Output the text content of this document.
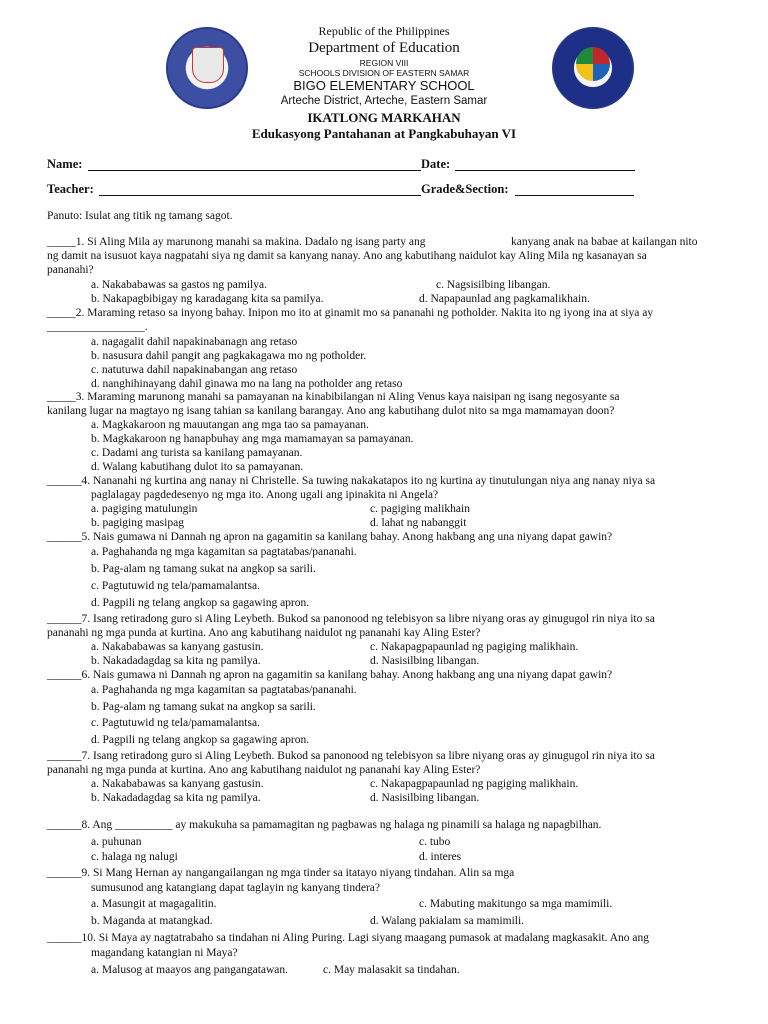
Republic of the Philippines
Department of Education
REGION VIII
SCHOOLS DIVISION OF EASTERN SAMAR
BIGO ELEMENTARY SCHOOL
Arteche District, Arteche, Eastern Samar
IKATLONG MARKAHAN
Edukasyong Pantahanan at Pangkabuhayan VI
Name:	Date:
Teacher:	Grade&Section:
Panuto: Isulat ang titik ng tamang sagot.
_____1. Si Aling Mila ay marunong manahi sa makina. Dadalo ng isang party ang	kanyang anak na babae at kailangan nito
ng damit na isusuot kaya nagpatahi siya ng damit sa kanyang nanay. Ano ang kabutihang naidulot kay Aling Mila ng kasanayan sa
pananahi?
a. Nakababawas sa gastos ng pamilya.	c. Nagsisilbing libangan.
b. Nakapagbibigay ng karadagang kita sa pamilya.	d. Napapaunlad ang pagkamalikhain.
_____2. Maraming retaso sa inyong bahay. Inipon mo ito at ginamit mo sa pananahi ng potholder. Nakita ito ng iyong ina at siya ay
_________________.
a. nagagalit dahil napakinabanagn ang retaso
b. nasusura dahil pangit ang pagkakagawa mo ng potholder.
c. natutuwa dahil napakinabangan ang retaso
d. nanghihinayang dahil ginawa mo na lang na potholder ang retaso
_____3. Maraming marunong manahi sa pamayanan na kinabibilangan ni Aling Venus kaya naisipan ng isang negosyante sa
kanilang lugar na magtayo ng isang tahian sa kanilang barangay. Ano ang kabutihang dulot nito sa mga mamamayan doon?
a. Magkakaroon ng mauutangan ang mga tao sa pamayanan.
b. Magkakaroon ng hanapbuhay ang mga mamamayan sa pamayanan.
c. Dadami ang turista sa kanilang pamayanan.
d. Walang kabutihang dulot ito sa pamayanan.
______4. Nananahi ng kurtina ang nanay ni Christelle. Sa tuwing nakakatapos ito ng kurtina ay tinutulungan niya ang nanay niya sa
paglalagay pagdedesenyo ng mga ito. Anong ugali ang ipinakita ni Angela?
a. pagiging matulungin	c. pagiging malikhain
b. pagiging masipag	d. lahat ng nabanggit
______5. Nais gumawa ni Dannah ng apron na gagamitin sa kanilang bahay. Anong hakbang ang una niyang dapat gawin?
a. Paghahanda ng mga kagamitan sa pagtatabas/pananahi.
b. Pag-alam ng tamang sukat na angkop sa sarili.
c. Pagtutuwid ng tela/pamamalantsa.
d. Pagpili ng telang angkop sa gagawing apron.
______7. Isang retiradong guro si Aling Leybeth. Bukod sa panonood ng telebisyon sa libre niyang oras ay ginugugol rin niya ito sa
pananahi ng mga punda at kurtina. Ano ang kabutihang naidulot ng pananahi kay Aling Ester?
a. Nakababawas sa kanyang gastusin.	c. Nakapagpapaunlad ng pagiging malikhain.
b. Nakadadagdag sa kita ng pamilya.	d. Nasisilbing libangan.
______6. Nais gumawa ni Dannah ng apron na gagamitin sa kanilang bahay. Anong hakbang ang una niyang dapat gawin?
a. Paghahanda ng mga kagamitan sa pagtatabas/pananahi.
b. Pag-alam ng tamang sukat na angkop sa sarili.
c. Pagtutuwid ng tela/pamamalantsa.
d. Pagpili ng telang angkop sa gagawing apron.
______7. Isang retiradong guro si Aling Leybeth. Bukod sa panonood ng telebisyon sa libre niyang oras ay ginugugol rin niya ito sa
pananahi ng mga punda at kurtina. Ano ang kabutihang naidulot ng pananahi kay Aling Ester?
a. Nakababawas sa kanyang gastusin.	c. Nakapagpapaunlad ng pagiging malikhain.
b. Nakadadagdag sa kita ng pamilya.	d. Nasisilbing libangan.
______8. Ang __________ ay makukuha sa pamamagitan ng pagbawas ng halaga ng pinamili sa halaga ng napagbilhan.
a. puhunan	c. tubo
c. halaga ng nalugi	d. interes
______9. Si Mang Hernan ay nangangailangan ng mga tinder sa itatayo niyang tindahan. Alin sa mga
sumusunod ang katangiang dapat taglayin ng kanyang tindera?
a. Masungit at magagalitin.	c. Mabuting makitungo sa mga mamimili.
b. Maganda at matangkad.	d. Walang pakialam sa mamimili.
______10. Si Maya ay nagtatrabaho sa tindahan ni Aling Puring. Lagi siyang maagang pumasok at madalang magkasakit. Ano ang
magandang katangian ni Maya?
a. Malusog at maayos ang pangangatawan.	c. May malasakit sa tindahan.
